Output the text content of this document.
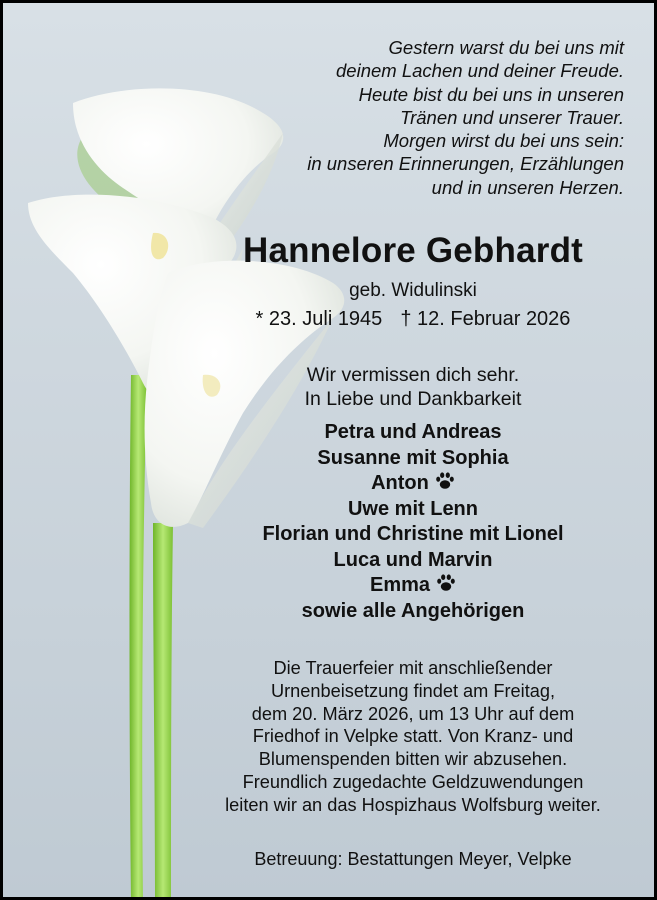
Gestern warst du bei uns mit
deinem Lachen und deiner Freude.
Heute bist du bei uns in unseren
Tränen und unserer Trauer.
Morgen wirst du bei uns sein:
in unseren Erinnerungen, Erzählungen
und in unseren Herzen.
Hannelore Gebhardt
geb. Widulinski
* 23. Juli 1945 † 12. Februar 2026
Wir vermissen dich sehr.
In Liebe und Dankbarkeit
Petra und Andreas
Susanne mit Sophia
Anton
Uwe mit Lenn
Florian und Christine mit Lionel
Luca und Marvin
Emma
sowie alle Angehörigen
Die Trauerfeier mit anschließender
Urnenbeisetzung findet am Freitag,
dem 20. März 2026, um 13 Uhr auf dem
Friedhof in Velpke statt. Von Kranz- und
Blumenspenden bitten wir abzusehen.
Freundlich zugedachte Geldzuwendungen
leiten wir an das Hospizhaus Wolfsburg weiter.
Betreuung: Bestattungen Meyer, Velpke
